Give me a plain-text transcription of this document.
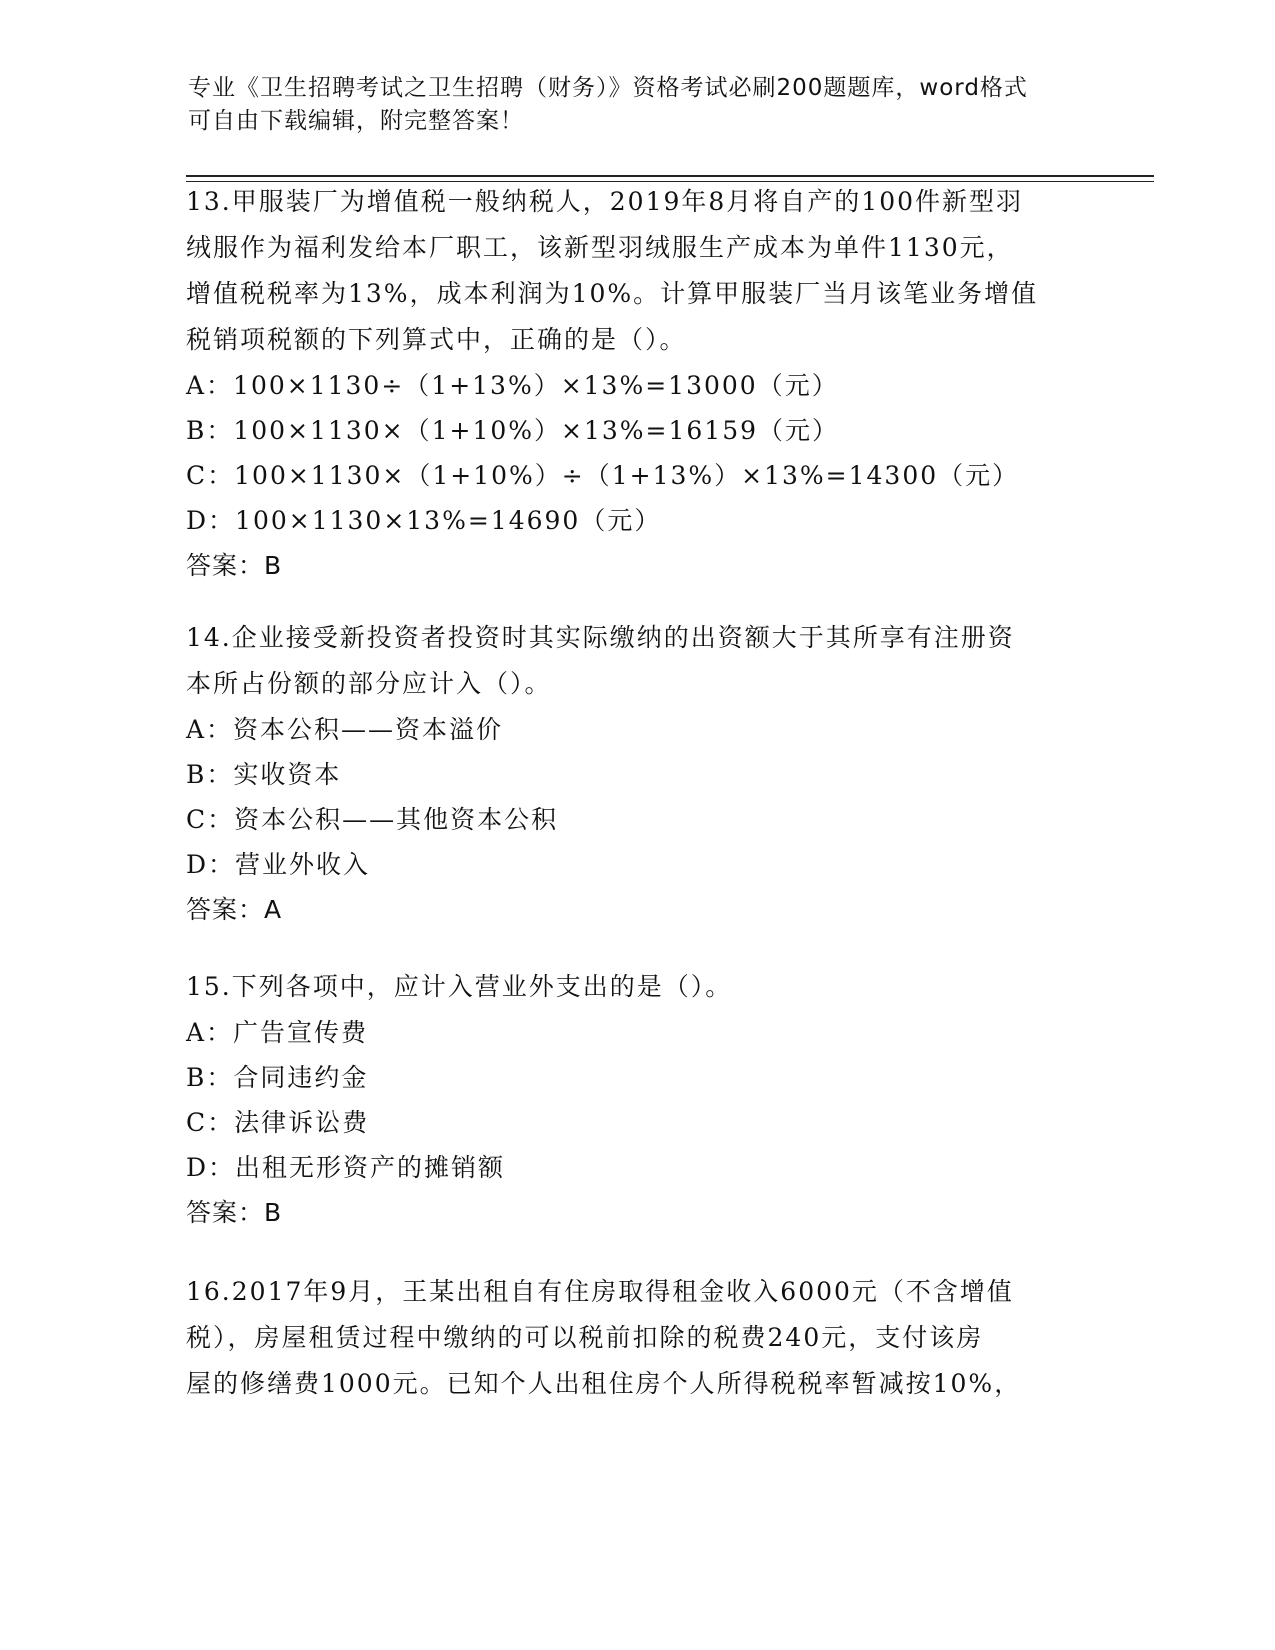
专业《卫生招聘考试之卫生招聘（财务）》资格考试必刷200题题库，word格式
可自由下载编辑，附完整答案！
13.甲服装厂为增值税一般纳税人，2019年8月将自产的100件新型羽
绒服作为福利发给本厂职工，该新型羽绒服生产成本为单件1130元，
增值税税率为13%，成本利润为10%。计算甲服装厂当月该笔业务增值
税销项税额的下列算式中，正确的是（）。
A：100×1130÷（1+13%）×13%=13000（元）
B：100×1130×（1+10%）×13%=16159（元）
C：100×1130×（1+10%）÷（1+13%）×13%=14300（元）
D：100×1130×13%=14690（元）
答案：B
14.企业接受新投资者投资时其实际缴纳的出资额大于其所享有注册资
本所占份额的部分应计入（）。
A：资本公积——资本溢价
B：实收资本
C：资本公积——其他资本公积
D：营业外收入
答案：A
15.下列各项中，应计入营业外支出的是（）。
A：广告宣传费
B：合同违约金
C：法律诉讼费
D：出租无形资产的摊销额
答案：B
16.2017年9月，王某出租自有住房取得租金收入6000元（不含增值
税），房屋租赁过程中缴纳的可以税前扣除的税费240元，支付该房
屋的修缮费1000元。已知个人出租住房个人所得税税率暂减按10%，
